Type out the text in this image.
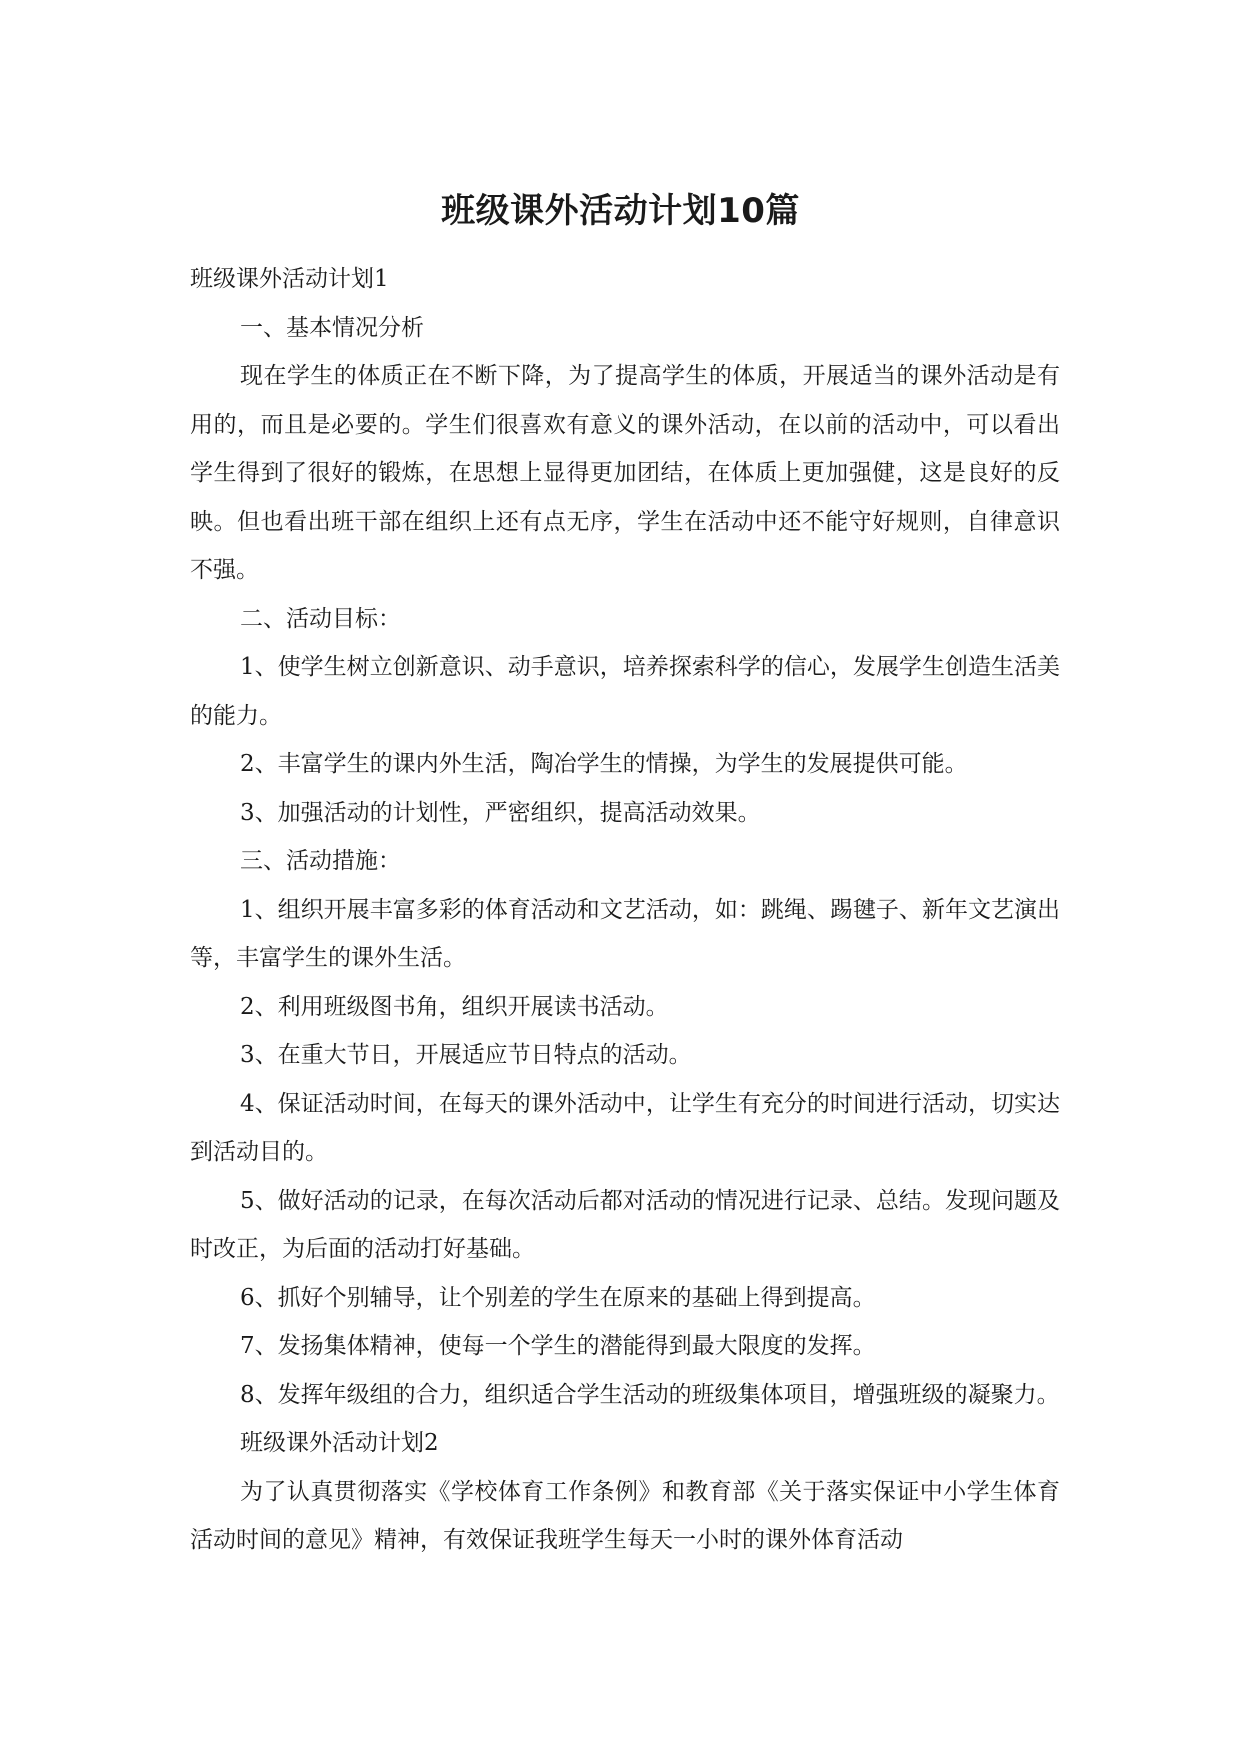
班级课外活动计划10篇

班级课外活动计划1

一、基本情况分析

现在学生的体质正在不断下降，为了提高学生的体质，开展适当的课外活动是有用的，而且是必要的。学生们很喜欢有意义的课外活动，在以前的活动中，可以看出学生得到了很好的锻炼，在思想上显得更加团结，在体质上更加强健，这是良好的反映。但也看出班干部在组织上还有点无序，学生在活动中还不能守好规则，自律意识不强。

二、活动目标：

1、使学生树立创新意识、动手意识，培养探索科学的信心，发展学生创造生活美的能力。

2、丰富学生的课内外生活，陶冶学生的情操，为学生的发展提供可能。

3、加强活动的计划性，严密组织，提高活动效果。

三、活动措施：

1、组织开展丰富多彩的体育活动和文艺活动，如：跳绳、踢毽子、新年文艺演出等，丰富学生的课外生活。

2、利用班级图书角，组织开展读书活动。

3、在重大节日，开展适应节日特点的活动。

4、保证活动时间，在每天的课外活动中，让学生有充分的时间进行活动，切实达到活动目的。

5、做好活动的记录，在每次活动后都对活动的情况进行记录、总结。发现问题及时改正，为后面的活动打好基础。

6、抓好个别辅导，让个别差的学生在原来的基础上得到提高。

7、发扬集体精神，使每一个学生的潜能得到最大限度的发挥。

8、发挥年级组的合力，组织适合学生活动的班级集体项目，增强班级的凝聚力。

班级课外活动计划2

为了认真贯彻落实《学校体育工作条例》和教育部《关于落实保证中小学生体育活动时间的意见》精神，有效保证我班学生每天一小时的课外体育活动
